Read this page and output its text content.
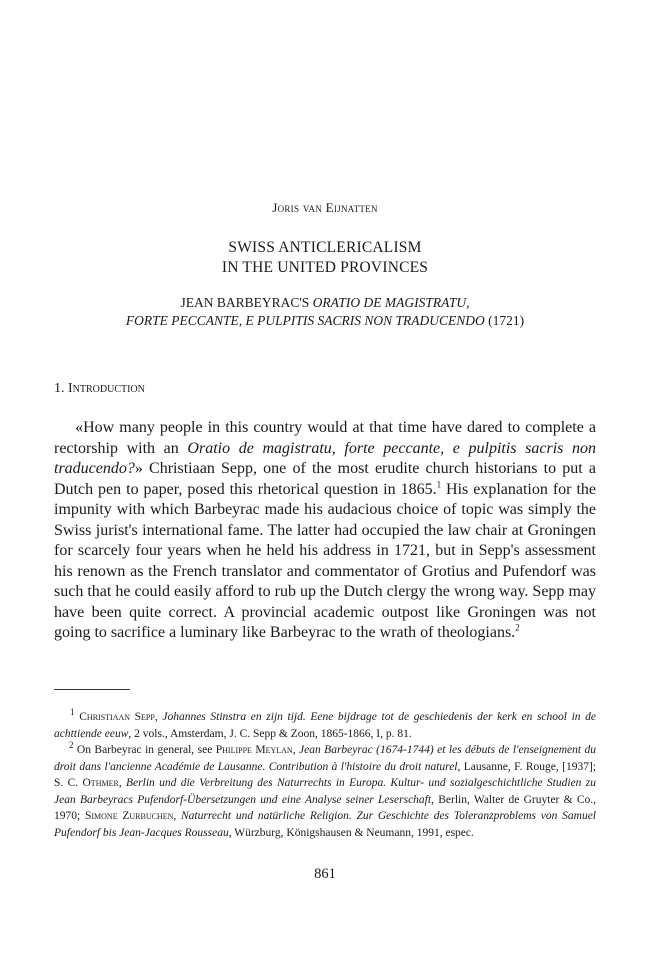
Joris van Eijnatten
SWISS ANTICLERICALISM
IN THE UNITED PROVINCES
JEAN BARBEYRAC'S ORATIO DE MAGISTRATU,
FORTE PECCANTE, E PULPITIS SACRIS NON TRADUCENDO (1721)
1. Introduction

  «How many people in this country would at that time have dared to complete a rectorship with an Oratio de magistratu, forte peccante, e pulpitis sacris non traducendo?» Christiaan Sepp, one of the most erudite church historians to put a Dutch pen to paper, posed this rhetorical question in 1865.$^1$ His explanation for the impunity with which Barbeyrac made his audacious choice of topic was simply the Swiss jurist's international fame. The latter had occupied the law chair at Groningen for scarcely four years when he held his address in 1721, but in Sepp's assessment his renown as the French translator and commentator of Grotius and Pufendorf was such that he could easily afford to rub up the Dutch clergy the wrong way. Sepp may have been quite correct. A provincial academic outpost like Groningen was not going to sacrifice a luminary like Barbeyrac to the wrath of theologians.$^2$

  $^1$ Christiaan Sepp, Johannes Stinstra en zijn tijd. Eene bijdrage tot de geschiedenis der kerk en school in de achttiende eeuw, 2 vols., Amsterdam, J. C. Sepp & Zoon, 1865-1866, I, p. 81.

  $^2$ On Barbeyrac in general, see Philippe Meylan, Jean Barbeyrac (1674-1744) et les débuts de l'enseignement du droit dans l'ancienne Académie de Lausanne. Contribution à l'histoire du droit naturel, Lausanne, F. Rouge, [1937]; S. C. Othmer, Berlin und die Verbreitung des Naturrechts in Europa. Kultur- und sozialgeschichtliche Studien zu Jean Barbeyracs Pufendorf-Übersetzungen und eine Analyse seiner Leserschaft, Berlin, Walter de Gruyter & Co., 1970; Simone Zurbuchen, Naturrecht und natürliche Religion. Zur Geschichte des Toleranzproblems von Samuel Pufendorf bis Jean-Jacques Rousseau, Würzburg, Königshausen & Neumann, 1991, espec.

861
